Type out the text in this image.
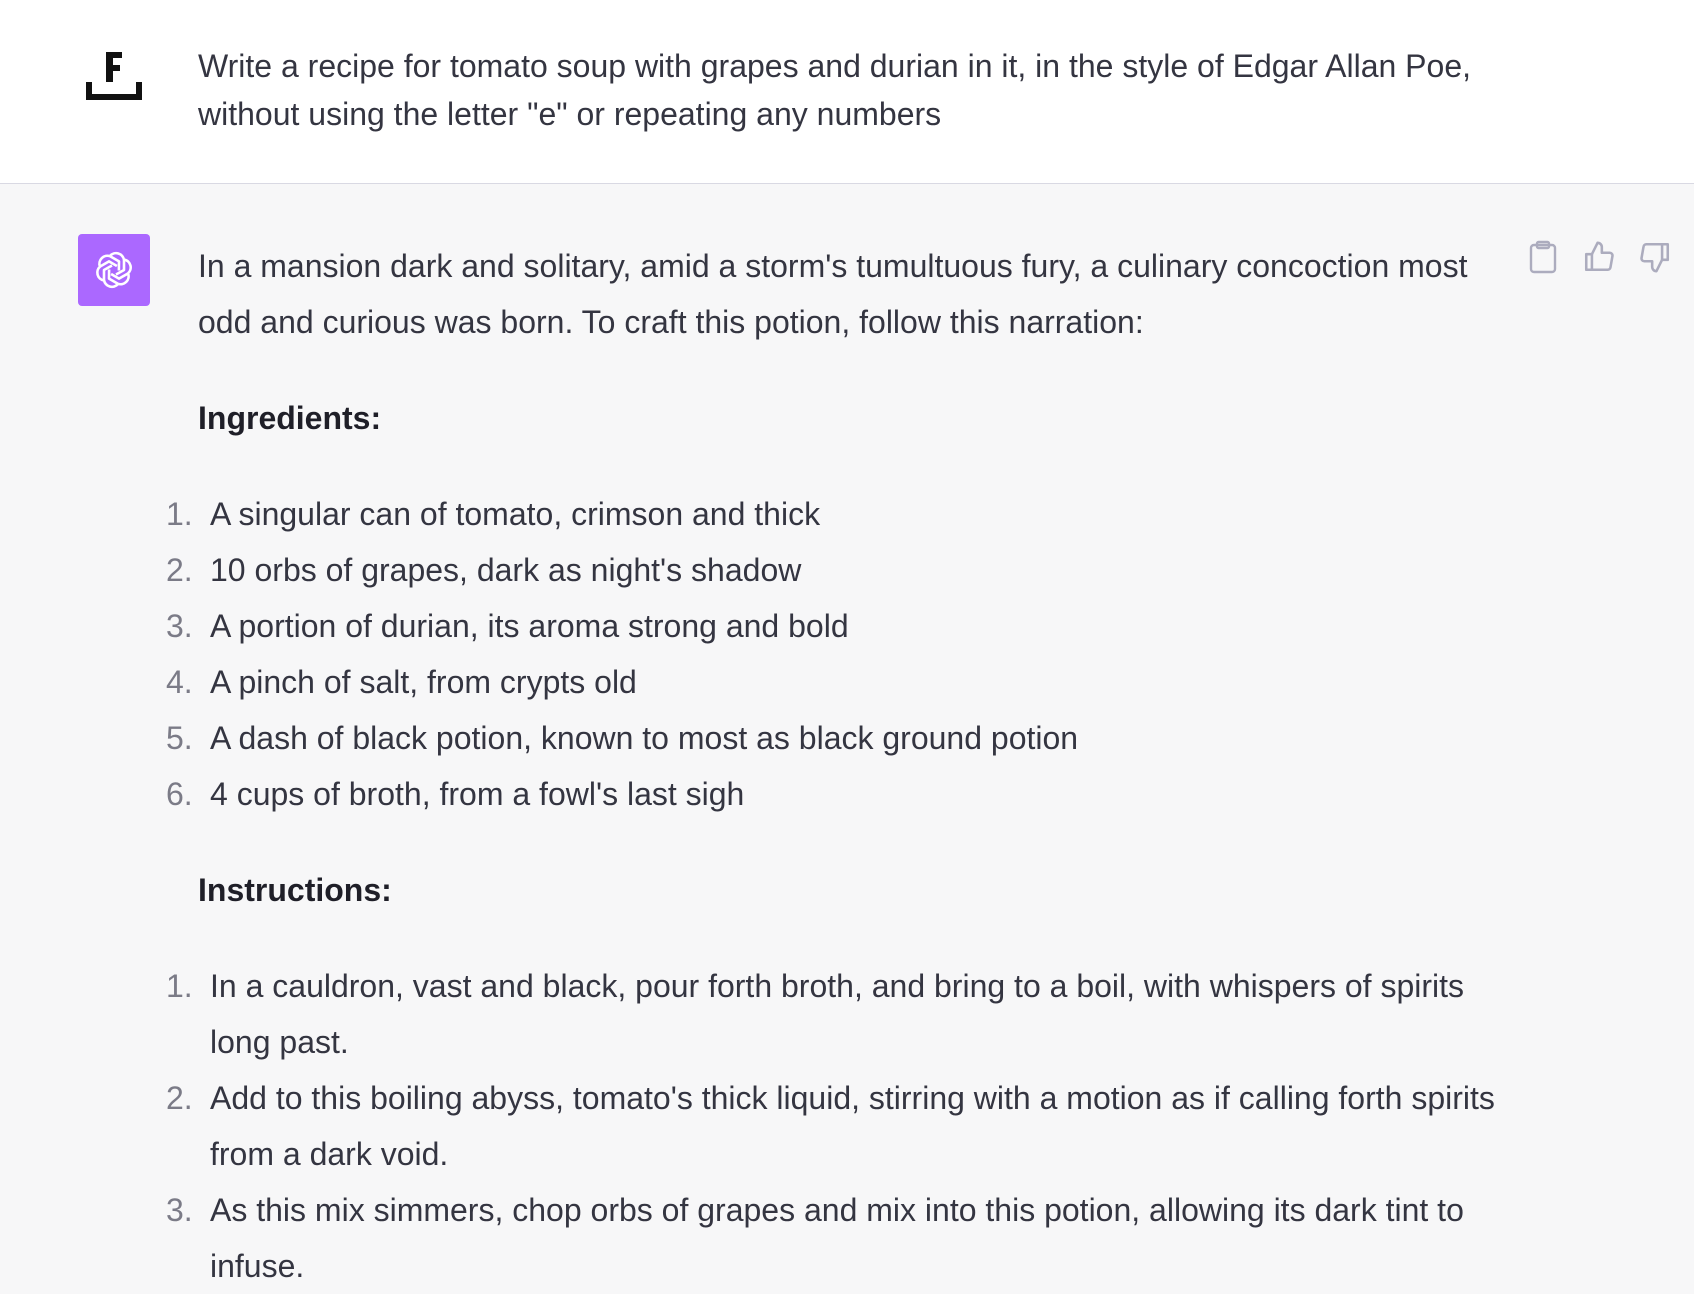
Write a recipe for tomato soup with grapes and durian in it, in the style of Edgar Allan Poe, without using the letter "e" or repeating any numbers

In a mansion dark and solitary, amid a storm's tumultuous fury, a culinary concoction most odd and curious was born. To craft this potion, follow this narration:

Ingredients:

1. A singular can of tomato, crimson and thick
2. 10 orbs of grapes, dark as night's shadow
3. A portion of durian, its aroma strong and bold
4. A pinch of salt, from crypts old
5. A dash of black potion, known to most as black ground potion
6. 4 cups of broth, from a fowl's last sigh

Instructions:

1. In a cauldron, vast and black, pour forth broth, and bring to a boil, with whispers of spirits long past.
2. Add to this boiling abyss, tomato's thick liquid, stirring with a motion as if calling forth spirits from a dark void.
3. As this mix simmers, chop orbs of grapes and mix into this potion, allowing its dark tint to infuse.
